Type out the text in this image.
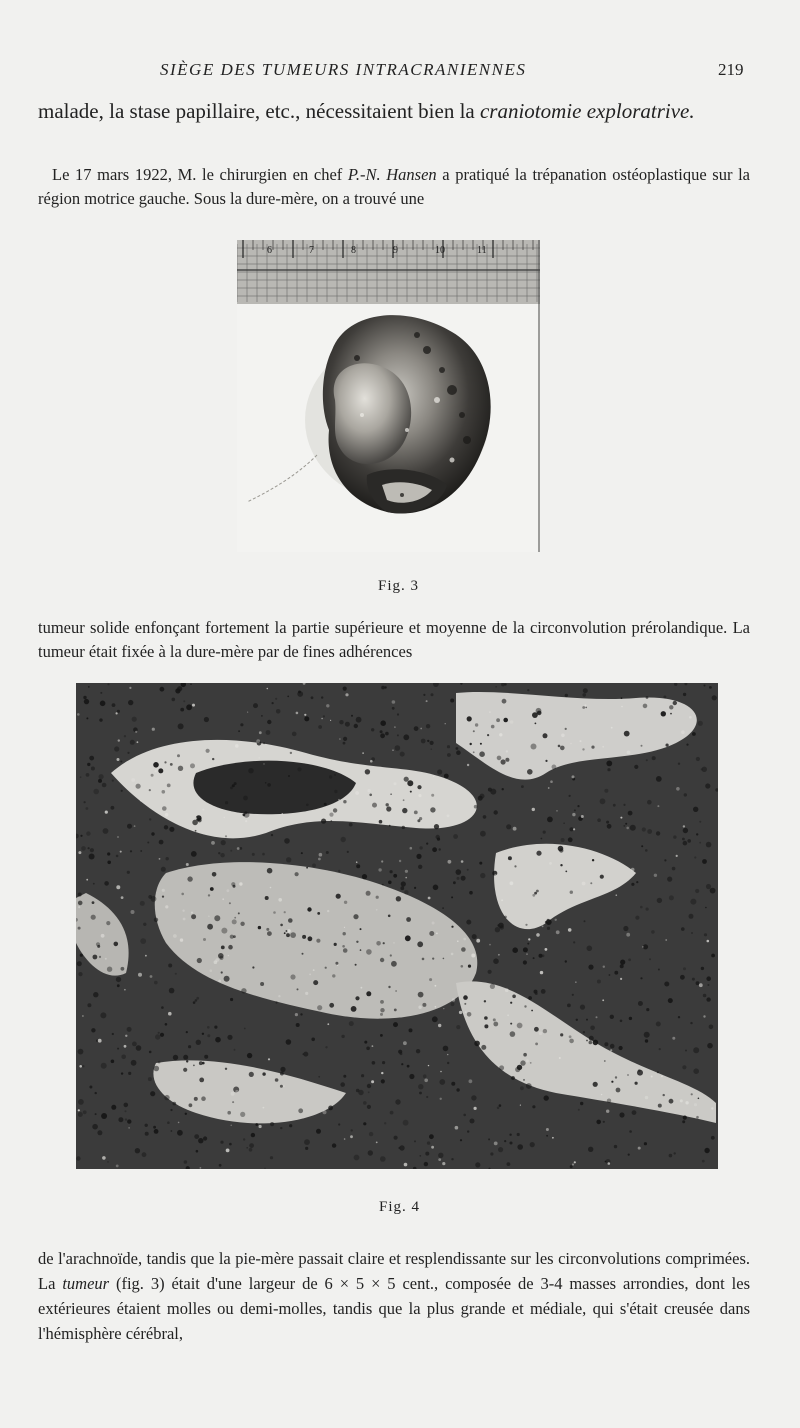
SIÈGE DES TUMEURS INTRACRANIENNES	219

malade, la stase papillaire, etc., nécessitaient bien la craniotomie exploratrive.

Le 17 mars 1922, M. le chirurgien en chef P.-N. Hansen a pratiqué la trépanation ostéoplastique sur la région motrice gauche. Sous la dure-mère, on a trouvé une

6	7	8	9	10	11
Fig. 3

tumeur solide enfonçant fortement la partie supérieure et moyenne de la circonvolution prérolandique. La tumeur était fixée à la dure-mère par de fines adhérences

Fig. 4

de l'arachnoïde, tandis que la pie-mère passait claire et resplendissante sur les circonvolutions comprimées. La tumeur (fig. 3) était d'une largeur de 6 × 5 × 5 cent., composée de 3-4 masses arrondies, dont les extérieures étaient molles ou demi-molles, tandis que la plus grande et médiale, qui s'était creusée dans l'hémisphère cérébral,
